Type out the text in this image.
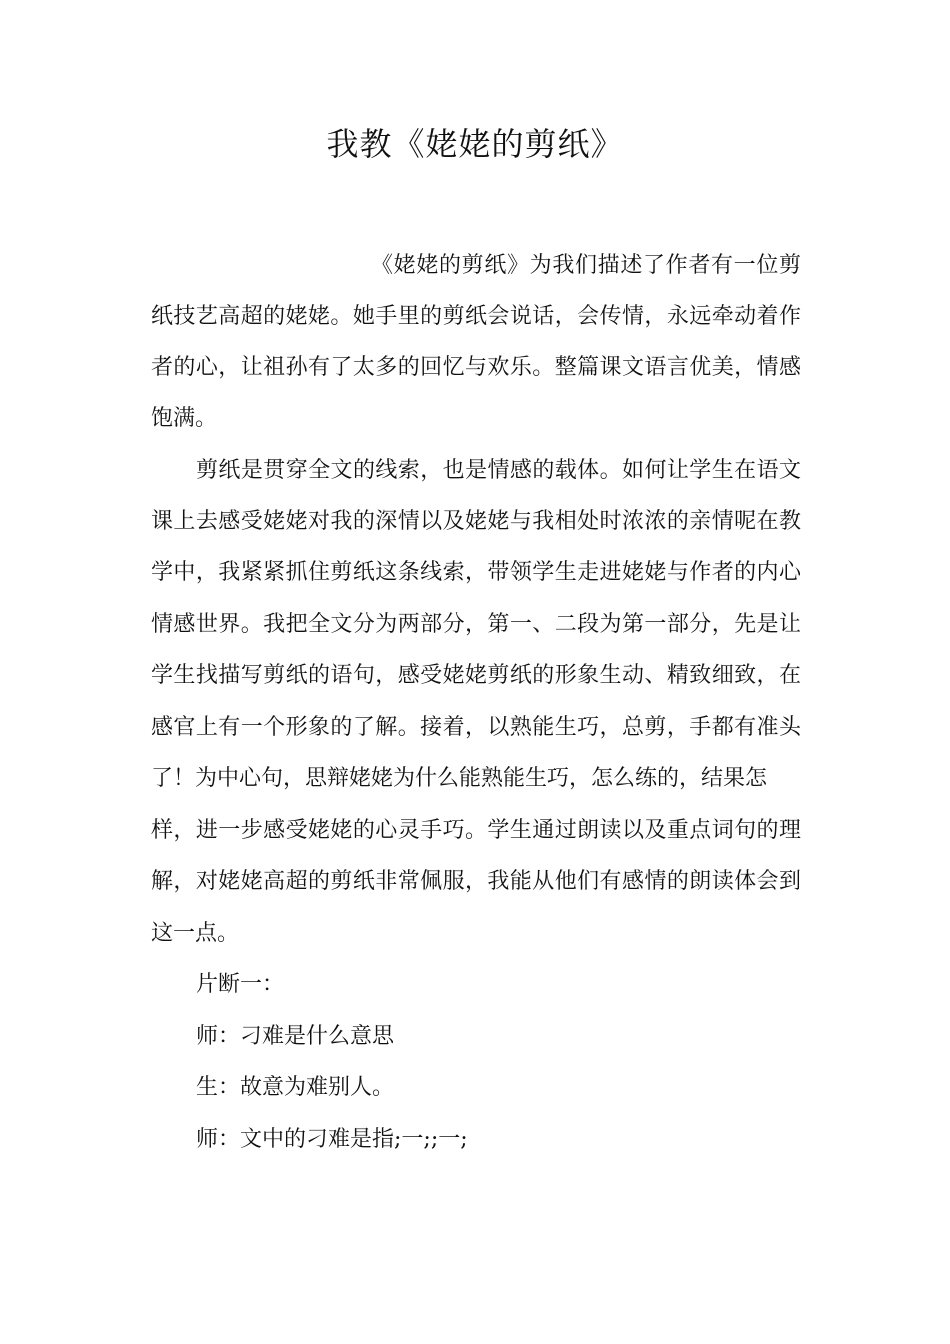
我教《姥姥的剪纸》
《姥姥的剪纸》为我们描述了作者有一位剪
纸技艺高超的姥姥。她手里的剪纸会说话，会传情，永远牵动着作
者的心，让祖孙有了太多的回忆与欢乐。整篇课文语言优美，情感
饱满。
剪纸是贯穿全文的线索，也是情感的载体。如何让学生在语文
课上去感受姥姥对我的深情以及姥姥与我相处时浓浓的亲情呢在教
学中，我紧紧抓住剪纸这条线索，带领学生走进姥姥与作者的内心
情感世界。我把全文分为两部分，第一、二段为第一部分，先是让
学生找描写剪纸的语句，感受姥姥剪纸的形象生动、精致细致，在
感官上有一个形象的了解。接着，以熟能生巧，总剪，手都有准头
了！为中心句，思辩姥姥为什么能熟能生巧，怎么练的，结果怎
样，进一步感受姥姥的心灵手巧。学生通过朗读以及重点词句的理
解，对姥姥高超的剪纸非常佩服，我能从他们有感情的朗读体会到
这一点。
片断一：
师：刁难是什么意思
生：故意为难别人。
师：文中的刁难是指;一;;一;
